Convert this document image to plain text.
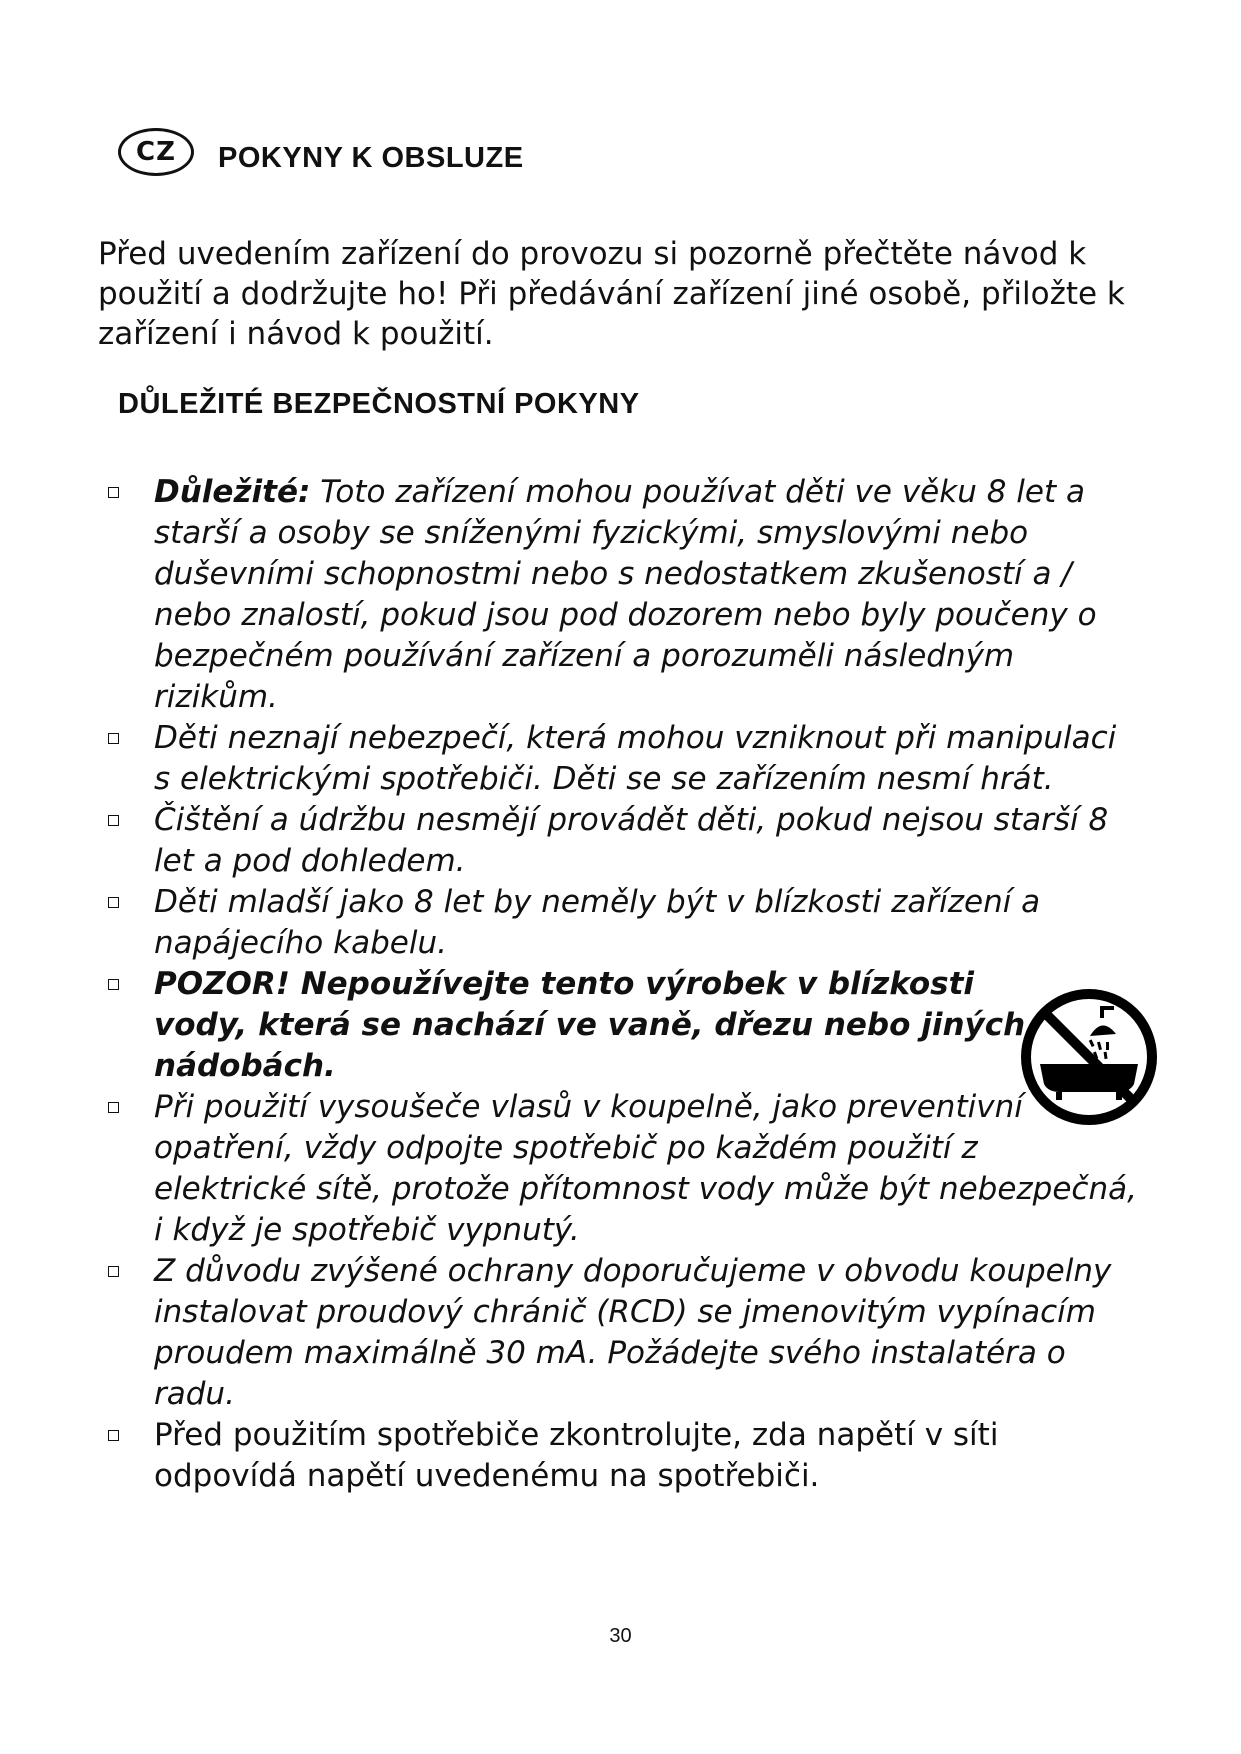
CZ POKYNY K OBSLUZE
Před uvedením zařízení do provozu si pozorně přečtěte návod k použití a dodržujte ho! Při předávání zařízení jiné osobě, přiložte k zařízení i návod k použití.
DŮLEŽITÉ BEZPEČNOSTNÍ POKYNY
Důležité: Toto zařízení mohou používat děti ve věku 8 let a starší a osoby se sníženými fyzickými, smyslovými nebo duševními schopnostmi nebo s nedostatkem zkušeností a / nebo znalostí, pokud jsou pod dozorem nebo byly poučeny o bezpečném používání zařízení a porozuměli následným rizikům.
Děti neznají nebezpečí, která mohou vzniknout při manipulaci s elektrickými spotřebiči. Děti se se zařízením nesmí hrát.
Čištění a údržbu nesmějí provádět děti, pokud nejsou starší 8 let a pod dohledem.
Děti mladší jako 8 let by neměly být v blízkosti zařízení a napájecího kabelu.
POZOR! Nepoužívejte tento výrobek v blízkosti vody, která se nachází ve vaně, dřezu nebo jiných nádobách.
Při použití vysoušeče vlasů v koupelně, jako preventivní opatření, vždy odpojte spotřebič po každém použití z elektrické sítě, protože přítomnost vody může být nebezpečná, i když je spotřebič vypnutý.
Z důvodu zvýšené ochrany doporučujeme v obvodu koupelny instalovat proudový chránič (RCD) se jmenovitým vypínacím proudem maximálně 30 mA. Požádejte svého instalatéra o radu.
Před použitím spotřebiče zkontrolujte, zda napětí v síti odpovídá napětí uvedenému na spotřebiči.
30
